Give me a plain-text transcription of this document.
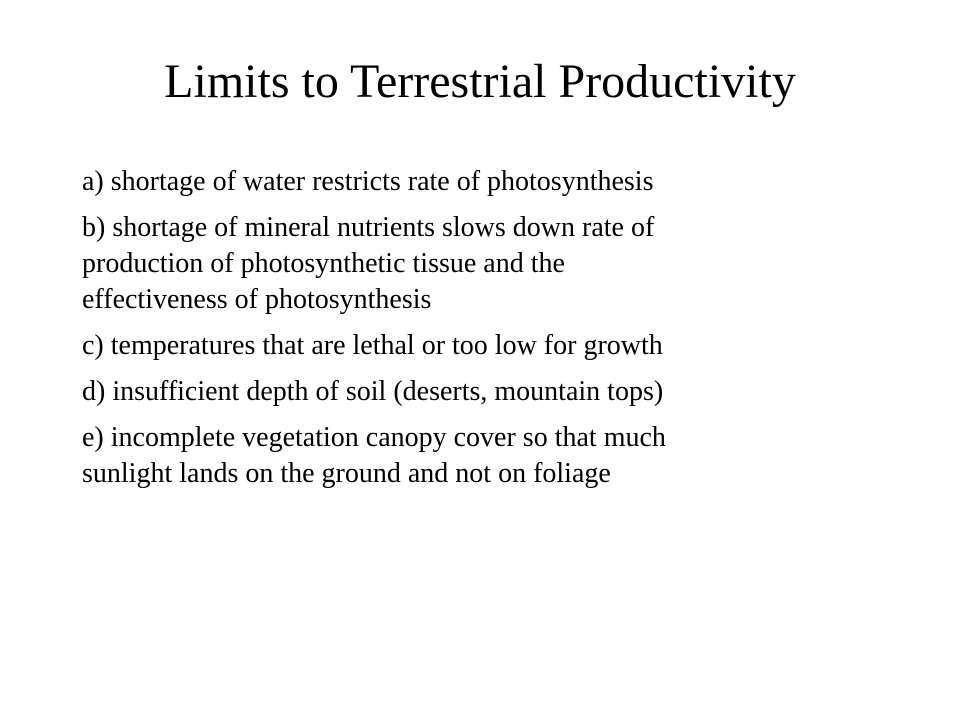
Limits to Terrestrial Productivity
a) shortage of water restricts rate of photosynthesis
b) shortage of mineral nutrients slows down rate of
production of photosynthetic tissue and the
effectiveness of photosynthesis
c) temperatures that are lethal or too low for growth
d) insufficient depth of soil (deserts, mountain tops)
e) incomplete vegetation canopy cover so that much
sunlight lands on the ground and not on foliage
